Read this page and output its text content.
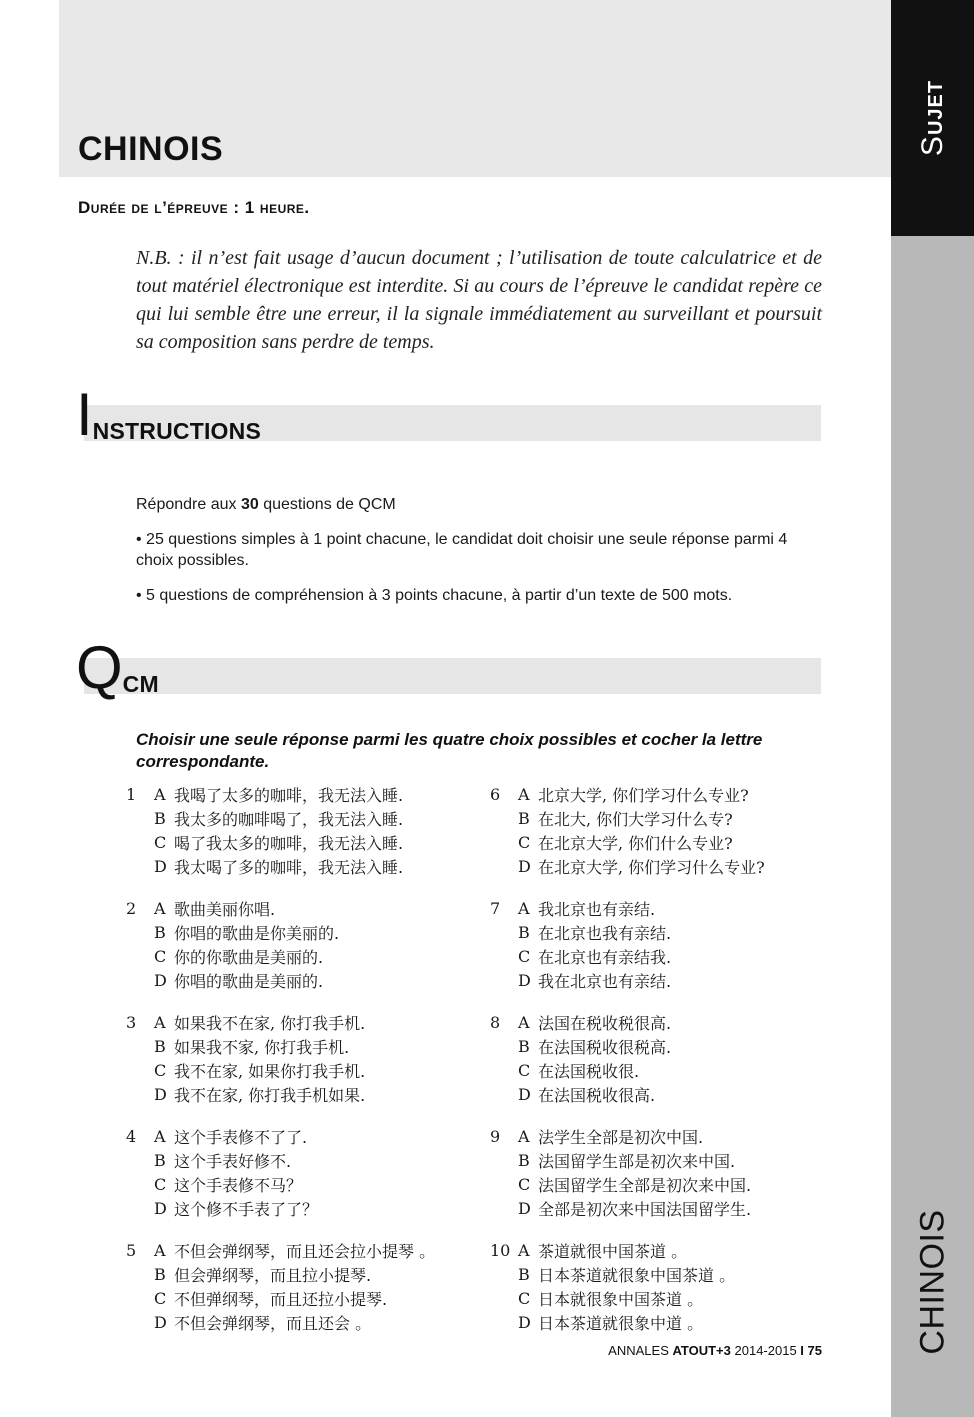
CHINOIS
Durée de l’épreuve : 1 heure.

N.B. : il n’est fait usage d’aucun document ; l’utilisation de toute calculatrice et de tout matériel électronique est interdite. Si au cours de l’épreuve le candidat repère ce qui lui semble être une erreur, il la signale immédiatement au surveillant et poursuit sa composition sans perdre de temps.

INSTRUCTIONS

Répondre aux 30 questions de QCM

• 25 questions simples à 1 point chacune, le candidat doit choisir une seule réponse parmi 4 choix possibles.

• 5 questions de compréhension à 3 points chacune, à partir d’un texte de 500 mots.

QCM

Choisir une seule réponse parmi les quatre choix possibles et cocher la lettre correspondante.

1	A 我喝了太多的咖啡，我无法入睡.
B 我太多的咖啡喝了，我无法入睡.
C 喝了我太多的咖啡，我无法入睡.
D 我太喝了多的咖啡，我无法入睡.
2	A 歌曲美丽你唱.
B 你唱的歌曲是你美丽的.
C 你的你歌曲是美丽的.
D 你唱的歌曲是美丽的.
3	A 如果我不在家, 你打我手机.
B 如果我不家, 你打我手机.
C 我不在家, 如果你打我手机.
D 我不在家, 你打我手机如果.
4	A 这个手表修不了了.
B 这个手表好修不.
C 这个手表修不马？
D 这个修不手表了了？
5	A 不但会弹纲琴，而且还会拉小提琴 。
B 但会弹纲琴，而且拉小提琴.
C 不但弹纲琴，而且还拉小提琴.
D 不但会弹纲琴，而且还会 。
6	A 北京大学, 你们学习什么专业?
B 在北大, 你们大学习什么专?
C 在北京大学, 你们什么专业?
D 在北京大学, 你们学习什么专业?
7	A 我北京也有亲结.
B 在北京也我有亲结.
C 在北京也有亲结我.
D 我在北京也有亲结.
8	A 法国在税收税很高.
B 在法国税收很税高.
C 在法国税收很.
D 在法国税收很高.
9	A 法学生全部是初次中国.
B 法国留学生部是初次来中国.
C 法国留学生全部是初次来中国.
D 全部是初次来中国法国留学生.
10 A 茶道就很中国茶道 。
B 日本茶道就很象中国茶道 。
C 日本就很象中国茶道 。
D 日本茶道就很象中道 。
ANNALES ATOUT+3 2014-2015 I 75
SUJET
CHINOIS
